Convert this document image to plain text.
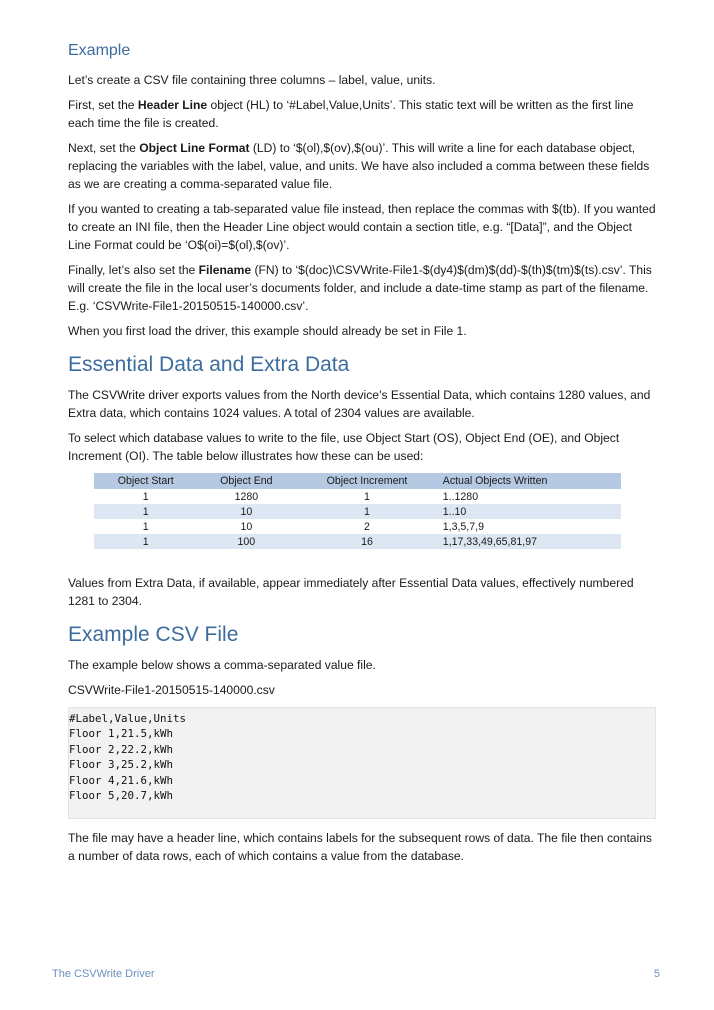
Example

Let’s create a CSV file containing three columns – label, value, units.

First, set the Header Line object (HL) to ‘#Label,Value,Units’. This static text will be written as the first line each time the file is created.

Next, set the Object Line Format (LD) to ‘$(ol),$(ov),$(ou)’. This will write a line for each database object, replacing the variables with the label, value, and units. We have also included a comma between these fields as we are creating a comma-separated value file.

If you wanted to creating a tab-separated value file instead, then replace the commas with $(tb). If you wanted to create an INI file, then the Header Line object would contain a section title, e.g. “[Data]”, and the Object Line Format could be ‘O$(oi)=$(ol),$(ov)’.

Finally, let’s also set the Filename (FN) to ‘$(doc)\CSVWrite-File1-$(dy4)$(dm)$(dd)-$(th)$(tm)$(ts).csv’. This will create the file in the local user’s documents folder, and include a date-time stamp as part of the filename. E.g. ‘CSVWrite-File1-20150515-140000.csv’.

When you first load the driver, this example should already be set in File 1.

Essential Data and Extra Data

The CSVWrite driver exports values from the North device’s Essential Data, which contains 1280 values, and Extra data, which contains 1024 values. A total of 2304 values are available.

To select which database values to write to the file, use Object Start (OS), Object End (OE), and Object Increment (OI). The table below illustrates how these can be used:

Object Start	Object End	Object Increment	Actual Objects Written
1	1280	1	1..1280
1	10	1	1..10
1	10	2	1,3,5,7,9
1	100	16	1,17,33,49,65,81,97

Values from Extra Data, if available, appear immediately after Essential Data values, effectively numbered 1281 to 2304.

Example CSV File

The example below shows a comma-separated value file.

CSVWrite-File1-20150515-140000.csv

#Label,Value,Units
Floor 1,21.5,kWh
Floor 2,22.2,kWh
Floor 3,25.2,kWh
Floor 4,21.6,kWh
Floor 5,20.7,kWh

The file may have a header line, which contains labels for the subsequent rows of data. The file then contains a number of data rows, each of which contains a value from the database.

The CSVWrite Driver	5
